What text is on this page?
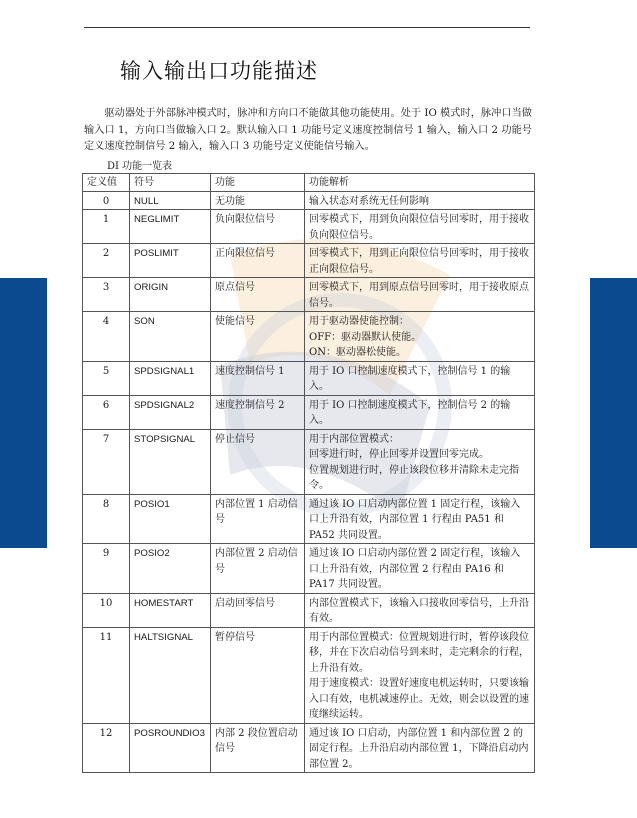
输入输出口功能描述
驱动器处于外部脉冲模式时，脉冲和方向口不能做其他功能使用。处于 IO 模式时，脉冲口当做输入口 1，方向口当做输入口 2。默认输入口 1 功能号定义速度控制信号 1 输入，输入口 2 功能号定义速度控制信号 2 输入，输入口 3 功能号定义使能信号输入。
DI 功能一览表
定义值	符号	功能	功能解析
0	NULL	无功能	输入状态对系统无任何影响

1	NEGLIMIT	负向限位信号	回零模式下，用到负向限位信号回零时，用于接收负向限位信号。

2	POSLIMIT	正向限位信号	回零模式下，用到正向限位信号回零时，用于接收正向限位信号。

3	ORIGIN	原点信号	回零模式下，用到原点信号回零时，用于接收原点信号。

4	SON	使能信号	用于驱动器使能控制：
OFF：驱动器默认使能。
ON：驱动器松使能。

5	SPDSIGNAL1	速度控制信号 1	用于 IO 口控制速度模式下，控制信号 1 的输入。

6	SPDSIGNAL2	速度控制信号 2	用于 IO 口控制速度模式下，控制信号 2 的输入。

7	STOPSIGNAL	停止信号	用于内部位置模式：
回零进行时，停止回零并设置回零完成。
位置规划进行时，停止该段位移并清除未走完指令。

8	POSIO1	内部位置 1 启动信号	通过该 IO 口启动内部位置 1 固定行程，该输入口上升沿有效，内部位置 1 行程由 PA51 和 PA52 共同设置。

9	POSIO2	内部位置 2 启动信号	通过该 IO 口启动内部位置 2 固定行程，该输入口上升沿有效，内部位置 2 行程由 PA16 和 PA17 共同设置。

10	HOMESTART	启动回零信号	内部位置模式下，该输入口接收回零信号，上升沿有效。

11	HALTSIGNAL	暂停信号	用于内部位置模式：位置规划进行时，暂停该段位移，并在下次启动信号到来时，走完剩余的行程，上升沿有效。
用于速度模式：设置好速度电机运转时，只要该输入口有效，电机减速停止。无效，则会以设置的速度继续运转。

12	POSROUNDIO3	内部 2 段位置启动信号	通过该 IO 口启动，内部位置 1 和内部位置 2 的固定行程。上升沿启动内部位置 1，下降沿启动内部位置 2。
